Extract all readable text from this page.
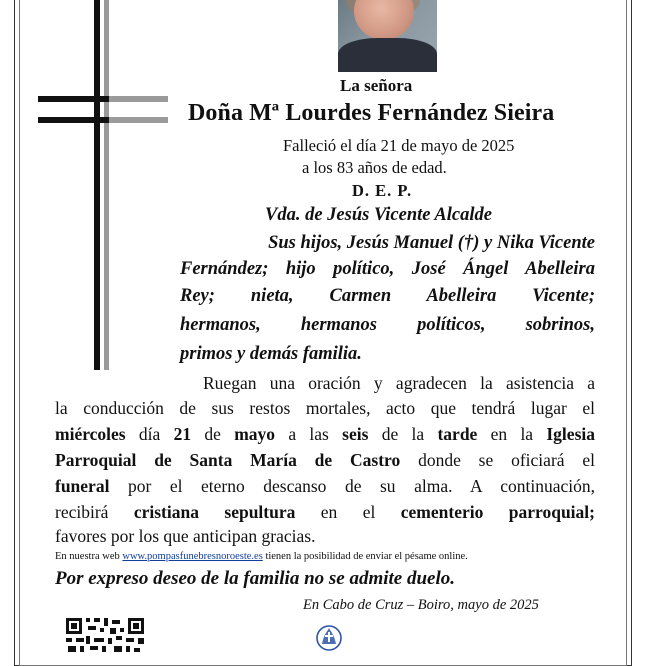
La señora
Doña Mª Lourdes Fernández Sieira
Falleció el día 21 de mayo de 2025
a los 83 años de edad.
D. E. P.
Vda. de Jesús Vicente Alcalde
Sus hijos, Jesús Manuel (†) y Nika Vicente
Fernández; hijo político, José Ángel Abelleira
Rey; nieta, Carmen Abelleira Vicente;
hermanos, hermanos políticos, sobrinos,
primos y demás familia.
Ruegan una oración y agradecen la asistencia a
la conducción de sus restos mortales, acto que tendrá lugar el
miércoles día 21 de mayo a las seis de la tarde en la Iglesia
Parroquial de Santa María de Castro donde se oficiará el
funeral por el eterno descanso de su alma. A continuación,
recibirá cristiana sepultura en el cementerio parroquial;
favores por los que anticipan gracias.
En nuestra web www.pompasfunebresnoroeste.es tienen la posibilidad de enviar el pésame online.
Por expreso deseo de la familia no se admite duelo.
En Cabo de Cruz – Boiro, mayo de 2025
